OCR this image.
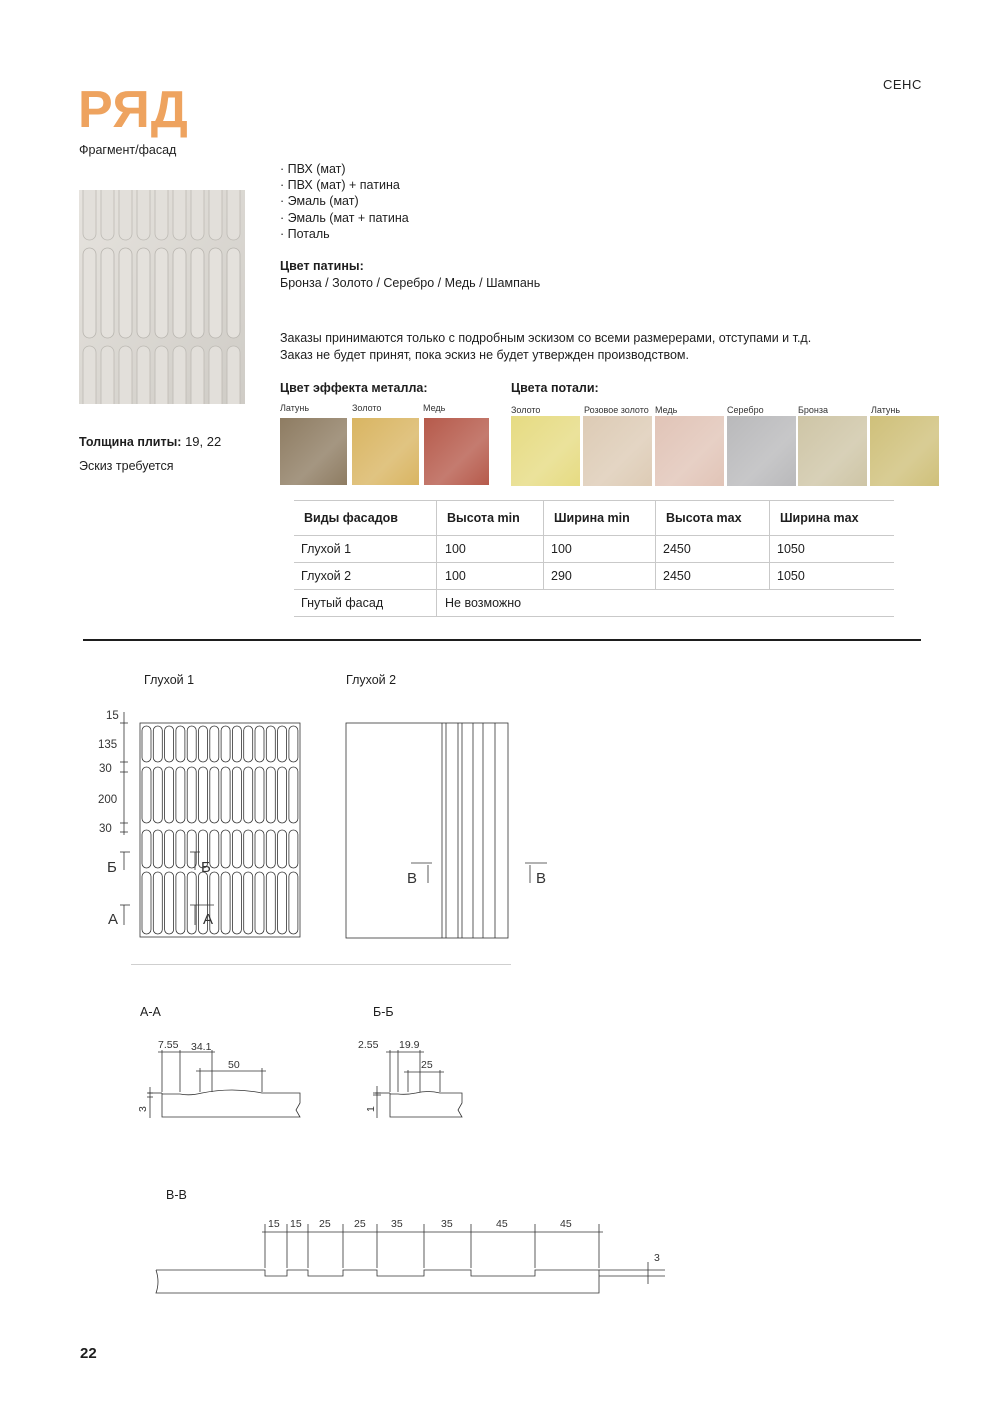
СЕНС
РЯД
Фрагмент/фасад
Толщина плиты: 19, 22
Эскиз требуется
· ПВХ (мат)
· ПВХ (мат) + патина
· Эмаль (мат)
· Эмаль (мат + патина
· Поталь
Цвет патины:
Бронза / Золото / Серебро / Медь / Шампань
Заказы принимаются только с подробным эскизом со всеми размерерами, отступами и т.д.
Заказ не будет принят, пока эскиз не будет утвержден производством.
Цвет эффекта металла:
Латунь	Золото	Медь
Цвета потали:
Золото	Розовое золото Медь	Серебро	Бронза	Латунь
Виды фасадов	Высота min	Ширина min	Высота max	Ширина max
Глухой 1	100	100	2450	1050
Глухой 2	100	290	2450	1050
Гнутый фасад	Не возможно
Глухой 1	Глухой 2
А-А	Б-Б
В-В
15
135
30
200
30
Б	Б
А	А
В	В
7.55 34.1
50
3
2.55 19.9
25
1
15 15 25 25 35	35	45	45
3
22
